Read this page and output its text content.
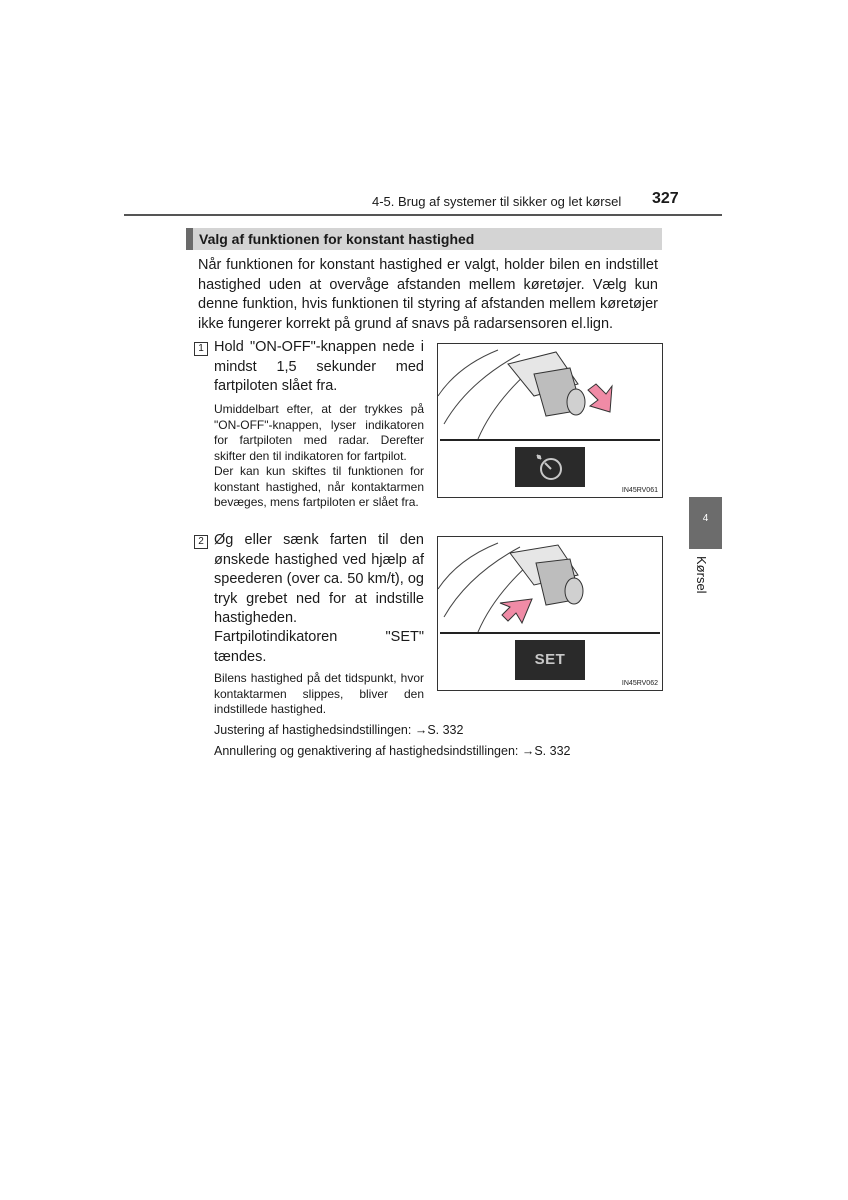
4-5. Brug af systemer til sikker og let kørsel 327
Valg af funktionen for konstant hastighed
Når funktionen for konstant hastighed er valgt, holder bilen en indstillet hastighed uden at overvåge afstanden mellem køretøjer. Vælg kun denne funktion, hvis funktionen til styring af afstanden mellem køretøjer ikke fungerer korrekt på grund af snavs på radarsensoren el.lign.
1 Hold "ON-OFF"-knappen nede i mindst 1,5 sekunder med fartpiloten slået fra.
Umiddelbart efter, at der trykkes på "ON-OFF"-knappen, lyser indikatoren for fartpiloten med radar. Derefter skifter den til indikatoren for fartpilot.
Der kan kun skiftes til funktionen for konstant hastighed, når kontaktarmen bevæges, mens fartpiloten er slået fra.
IN45RV061
2 Øg eller sænk farten til den ønskede hastighed ved hjælp af speederen (over ca. 50 km/t), og tryk grebet ned for at indstille hastigheden.
Fartpilotindikatoren "SET" tændes.
Bilens hastighed på det tidspunkt, hvor kontaktarmen slippes, bliver den indstillede hastighed.
SET
IN45RV062
Justering af hastighedsindstillingen: →S. 332
Annullering og genaktivering af hastighedsindstillingen: →S. 332
4
Kørsel
